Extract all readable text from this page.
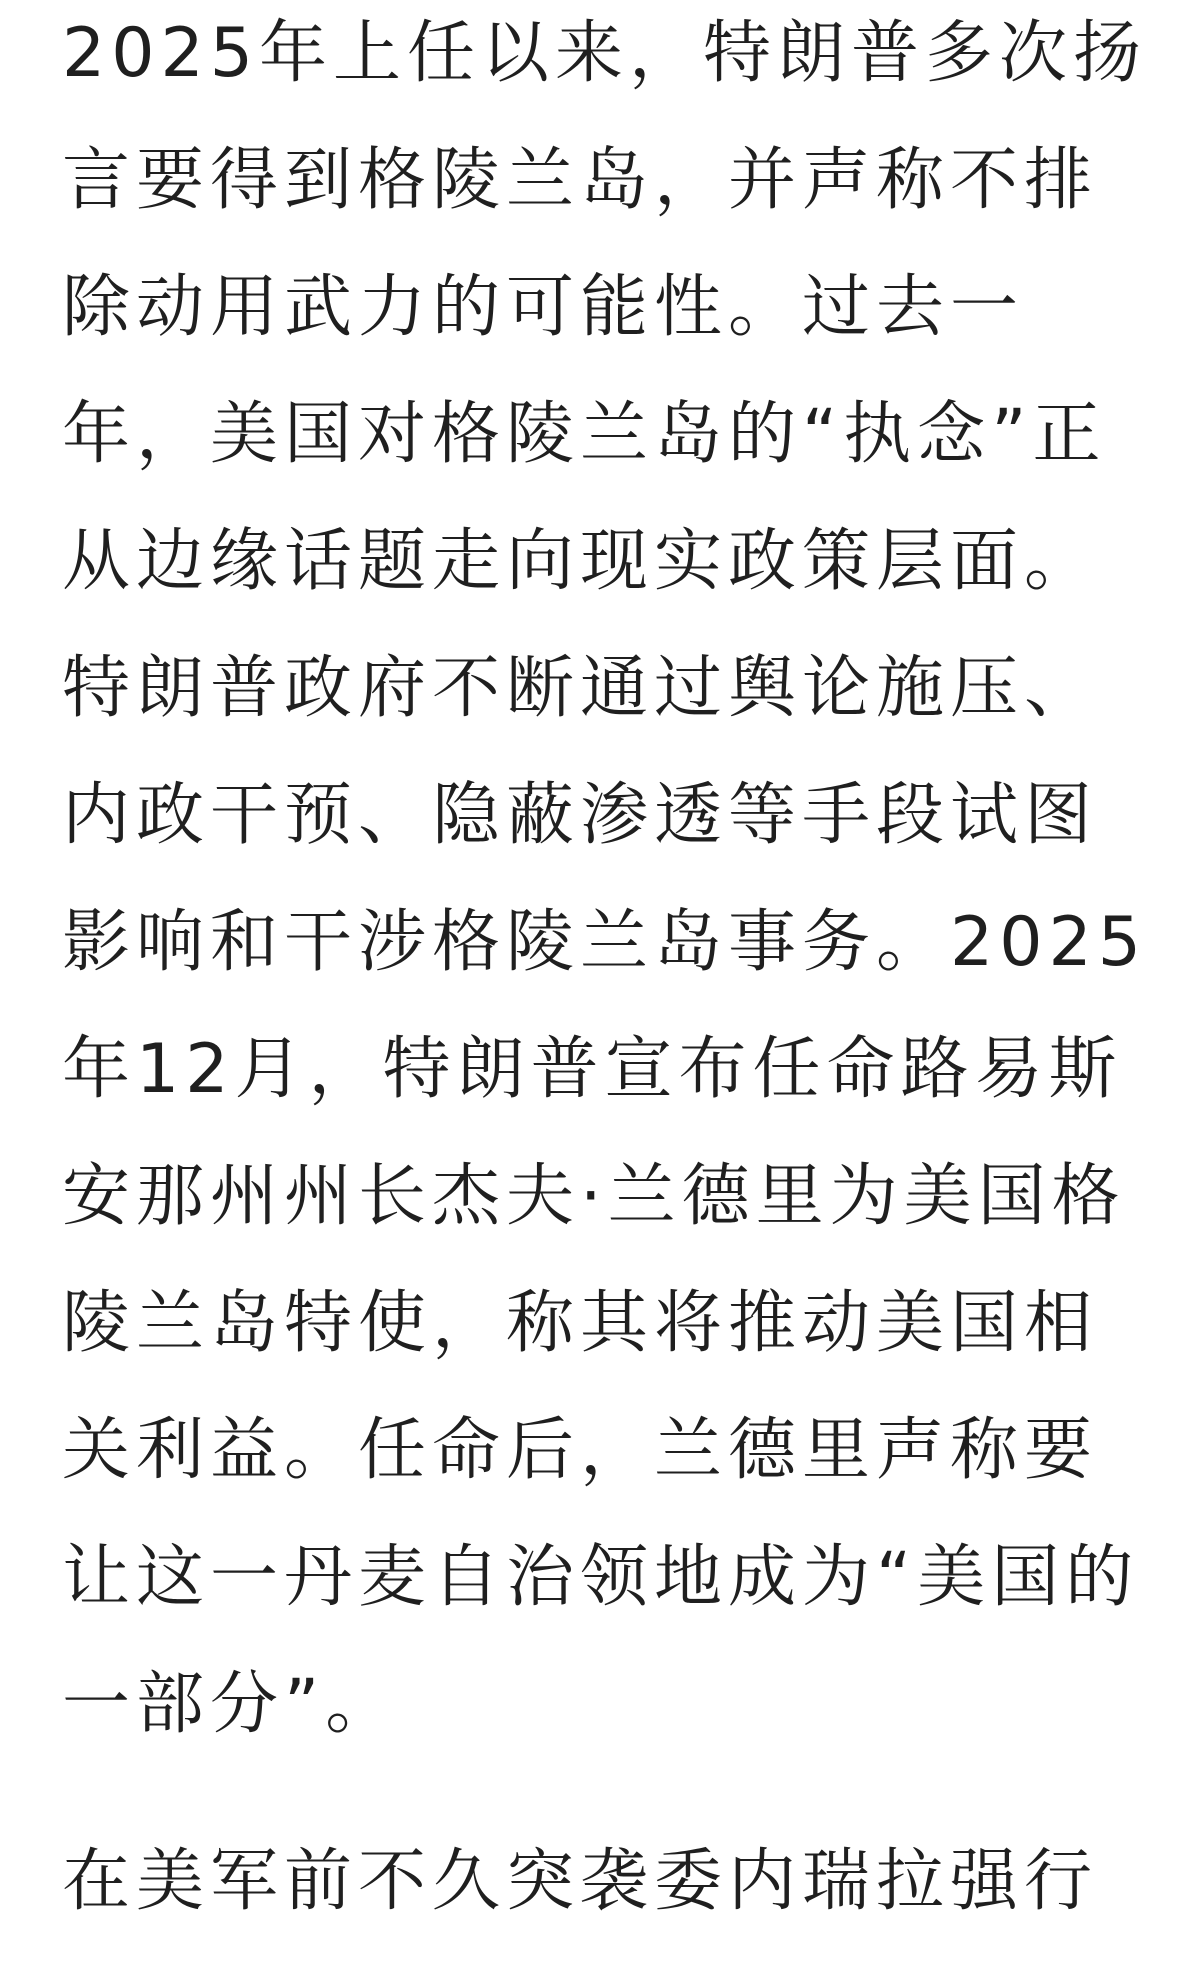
2025年上任以来，特朗普多次扬
言要得到格陵兰岛，并声称不排
除动用武力的可能性。过去一
年，美国对格陵兰岛的“执念”正
从边缘话题走向现实政策层面。
特朗普政府不断通过舆论施压、
内政干预、隐蔽渗透等手段试图
影响和干涉格陵兰岛事务。2025
年12月，特朗普宣布任命路易斯
安那州州长杰夫·兰德里为美国格
陵兰岛特使，称其将推动美国相
关利益。任命后，兰德里声称要
让这一丹麦自治领地成为“美国的
一部分”。
在美军前不久突袭委内瑞拉强行
